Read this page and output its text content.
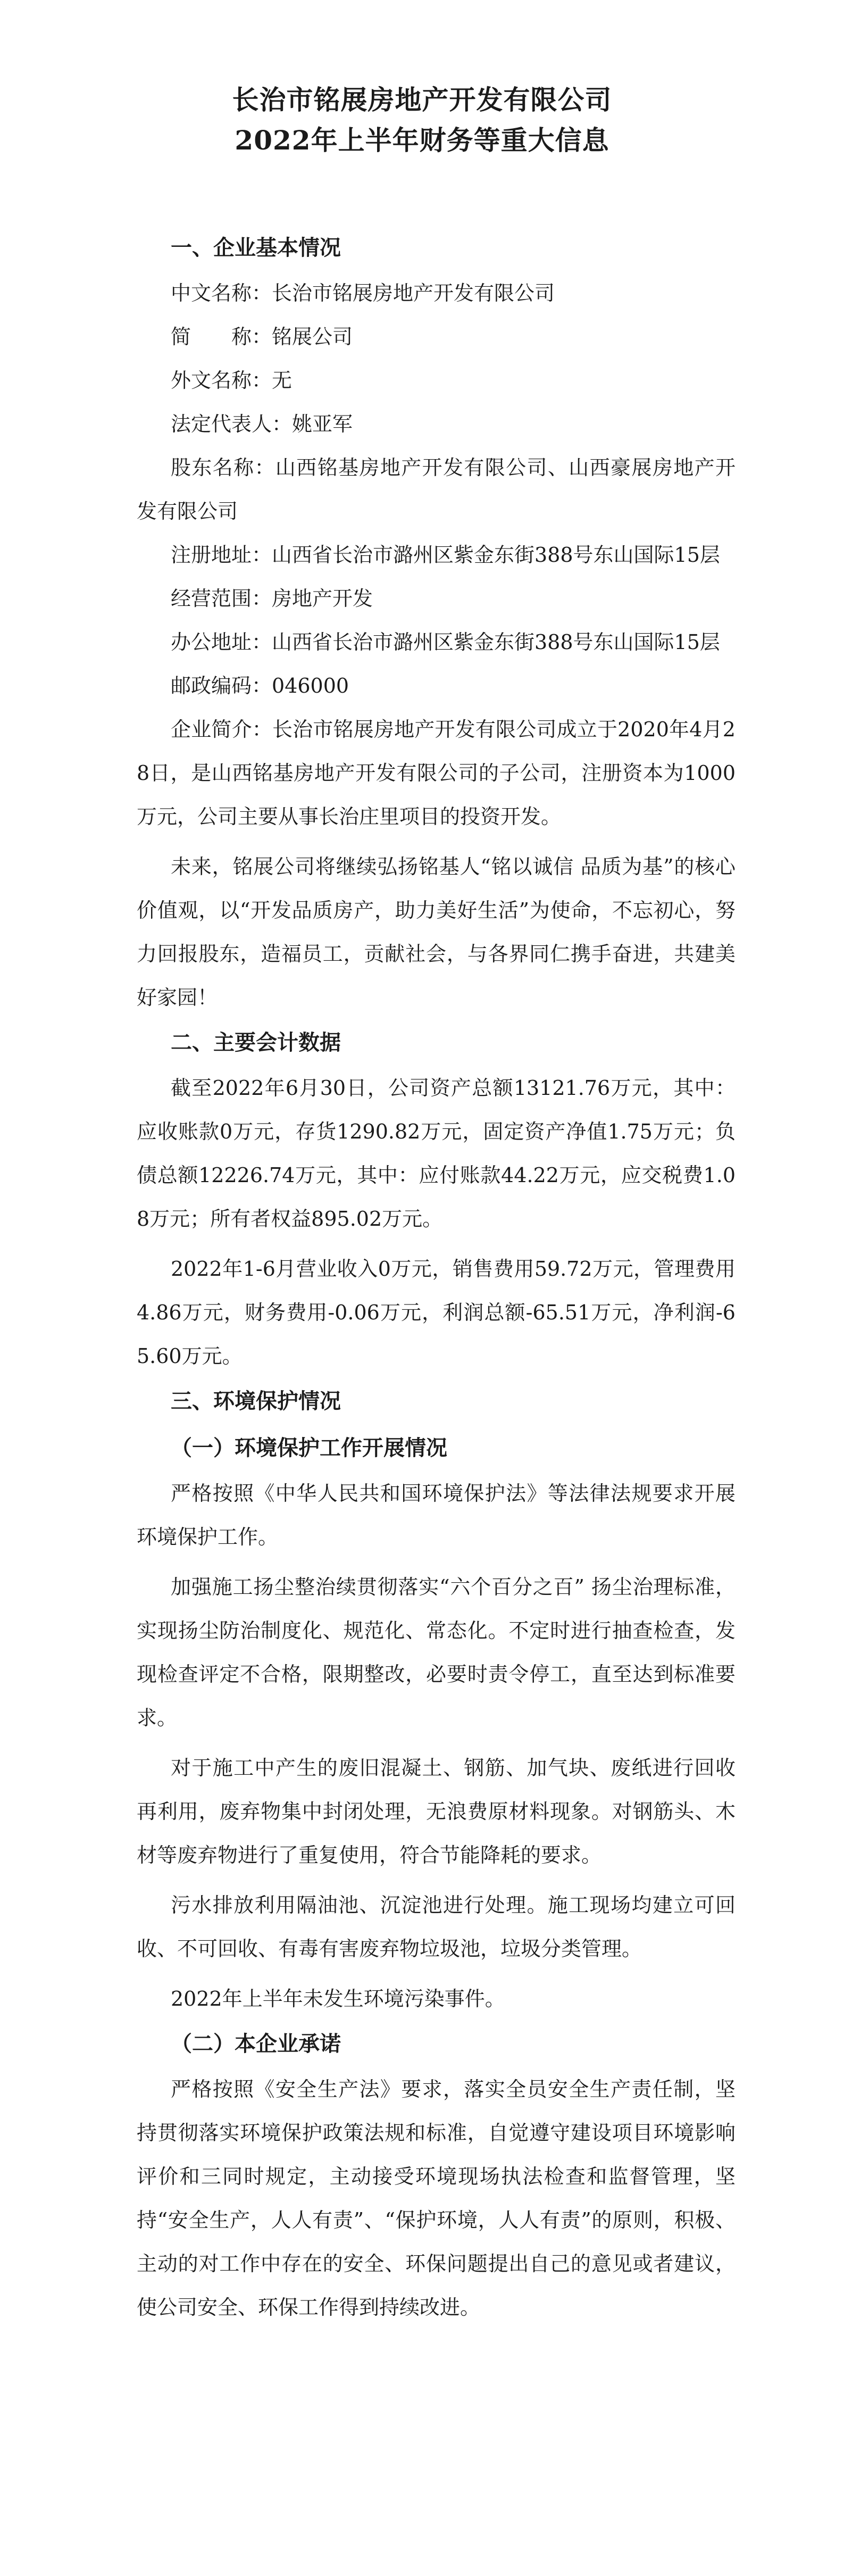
长治市铭展房地产开发有限公司
2022年上半年财务等重大信息
一、企业基本情况
中文名称：长治市铭展房地产开发有限公司
简　　称：铭展公司
外文名称：无
法定代表人：姚亚军
股东名称：山西铭基房地产开发有限公司、山西豪展房地产开发有限公司
注册地址：山西省长治市潞州区紫金东街388号东山国际15层
经营范围：房地产开发
办公地址：山西省长治市潞州区紫金东街388号东山国际15层
邮政编码：046000
企业简介：长治市铭展房地产开发有限公司成立于2020年4月28日，是山西铭基房地产开发有限公司的子公司，注册资本为1000万元，公司主要从事长治庄里项目的投资开发。
未来，铭展公司将继续弘扬铭基人“铭以诚信 品质为基”的核心价值观，以“开发品质房产，助力美好生活”为使命，不忘初心，努力回报股东，造福员工，贡献社会，与各界同仁携手奋进，共建美好家园！
二、主要会计数据
截至2022年6月30日，公司资产总额13121.76万元，其中：应收账款0万元，存货1290.82万元，固定资产净值1.75万元；负债总额12226.74万元，其中：应付账款44.22万元，应交税费1.08万元；所有者权益895.02万元。
2022年1-6月营业收入0万元，销售费用59.72万元，管理费用4.86万元，财务费用-0.06万元，利润总额-65.51万元，净利润-65.60万元。
三、环境保护情况
（一）环境保护工作开展情况
严格按照《中华人民共和国环境保护法》等法律法规要求开展环境保护工作。
加强施工扬尘整治续贯彻落实“六个百分之百” 扬尘治理标准，实现扬尘防治制度化、规范化、常态化。不定时进行抽查检查，发现检查评定不合格，限期整改，必要时责令停工，直至达到标准要求。
对于施工中产生的废旧混凝土、钢筋、加气块、废纸进行回收再利用，废弃物集中封闭处理，无浪费原材料现象。对钢筋头、木材等废弃物进行了重复使用，符合节能降耗的要求。
污水排放利用隔油池、沉淀池进行处理。施工现场均建立可回收、不可回收、有毒有害废弃物垃圾池，垃圾分类管理。
2022年上半年未发生环境污染事件。
（二）本企业承诺
严格按照《安全生产法》要求，落实全员安全生产责任制，坚持贯彻落实环境保护政策法规和标准，自觉遵守建设项目环境影响评价和三同时规定，主动接受环境现场执法检查和监督管理，坚持“安全生产，人人有责”、“保护环境，人人有责”的原则，积极、主动的对工作中存在的安全、环保问题提出自己的意见或者建议，使公司安全、环保工作得到持续改进。
